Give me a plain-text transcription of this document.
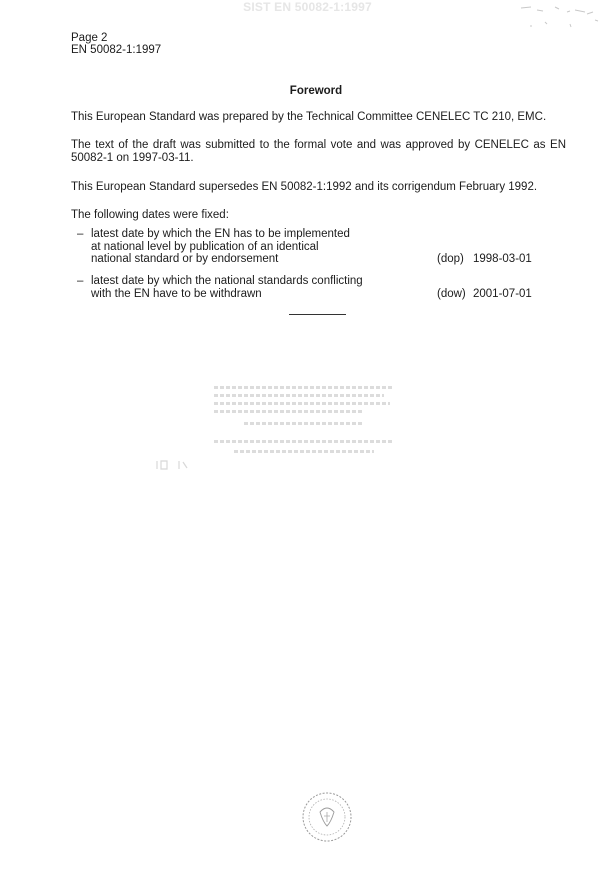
SIST EN 50082-1:1997
Page 2
EN 50082-1:1997
Foreword
This European Standard was prepared by the Technical Committee CENELEC TC 210, EMC.
The text of the draft was submitted to the formal vote and was approved by CENELEC as EN 50082-1 on 1997-03-11.
This European Standard supersedes EN 50082-1:1992 and its corrigendum February 1992.
The following dates were fixed:
– latest date by which the EN has to be implemented
at national level by publication of an identical
national standard or by endorsement	(dop) 1998-03-01
– latest date by which the national standards conflicting
with the EN have to be withdrawn	(dow) 2001-07-01
